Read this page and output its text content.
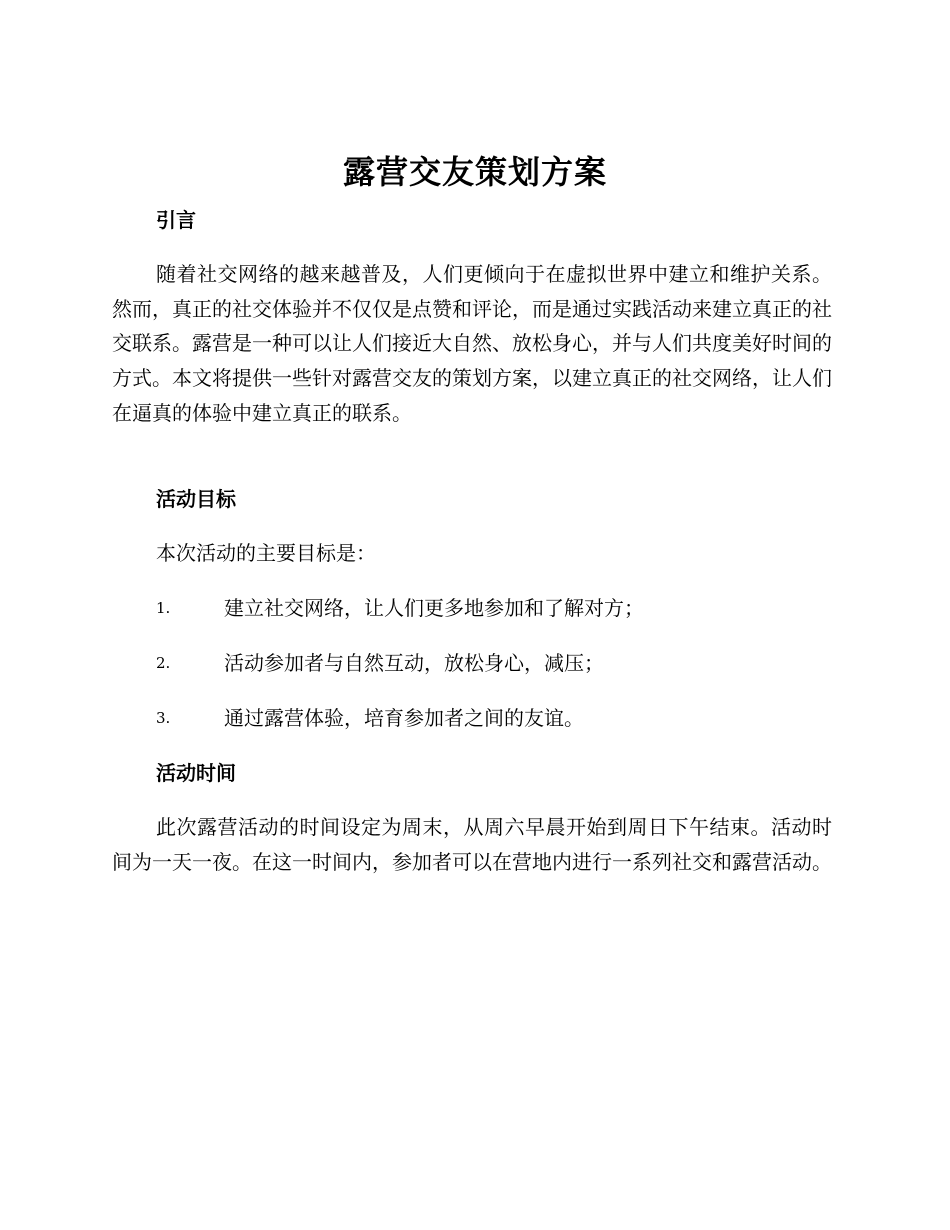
露营交友策划方案
引言

随着社交网络的越来越普及，人们更倾向于在虚拟世界中建立和维护关系。然而，真正的社交体验并不仅仅是点赞和评论，而是通过实践活动来建立真正的社交联系。露营是一种可以让人们接近大自然、放松身心，并与人们共度美好时间的方式。本文将提供一些针对露营交友的策划方案，以建立真正的社交网络，让人们在逼真的体验中建立真正的联系。

活动目标

本次活动的主要目标是：

1.	建立社交网络，让人们更多地参加和了解对方；
2.	活动参加者与自然互动，放松身心，减压；
3.	通过露营体验，培育参加者之间的友谊。
活动时间

此次露营活动的时间设定为周末，从周六早晨开始到周日下午结束。活动时间为一天一夜。在这一时间内，参加者可以在营地内进行一系列社交和露营活动。
